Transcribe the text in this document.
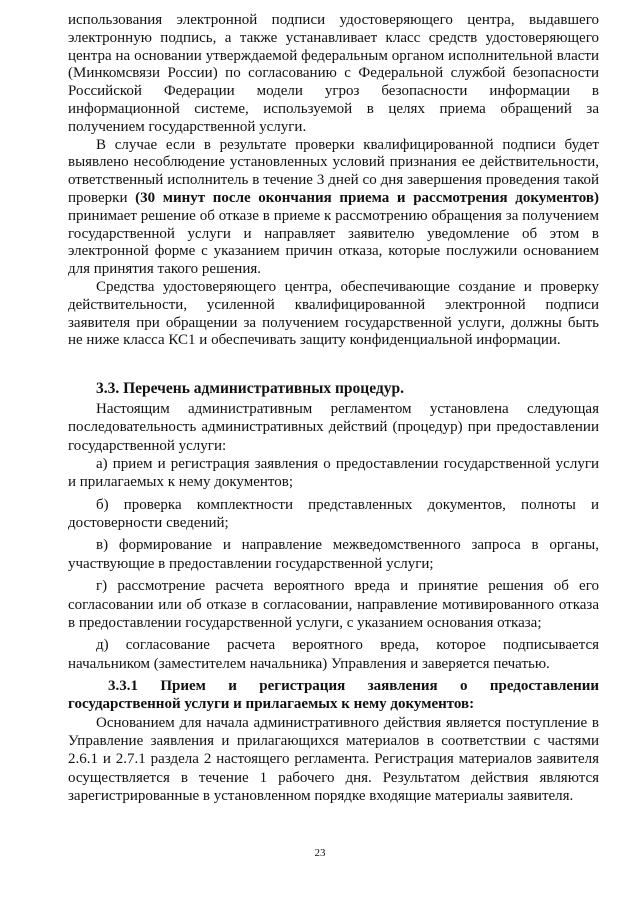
использования электронной подписи удостоверяющего центра, выдавшего электронную подпись, а также устанавливает класс средств удостоверяющего центра на основании утверждаемой федеральным органом исполнительной власти (Минкомсвязи России) по согласованию с Федеральной службой безопасности Российской Федерации модели угроз безопасности информации в информационной системе, используемой в целях приема обращений за получением государственной услуги.

В случае если в результате проверки квалифицированной подписи будет выявлено несоблюдение установленных условий признания ее действительности, ответственный исполнитель в течение 3 дней со дня завершения проведения такой проверки (30 минут после окончания приема и рассмотрения документов) принимает решение об отказе в приеме к рассмотрению обращения за получением государственной услуги и направляет заявителю уведомление об этом в электронной форме с указанием причин отказа, которые послужили основанием для принятия такого решения.

Средства удостоверяющего центра, обеспечивающие создание и проверку действительности, усиленной квалифицированной электронной подписи заявителя при обращении за получением государственной услуги, должны быть не ниже класса КС1 и обеспечивать защиту конфиденциальной информации.

3.3. Перечень административных процедур.

Настоящим административным регламентом установлена следующая последовательность административных действий (процедур) при предоставлении государственной услуги:

а) прием и регистрация заявления о предоставлении государственной услуги и прилагаемых к нему документов;

б) проверка комплектности представленных документов, полноты и достоверности сведений;

в) формирование и направление межведомственного запроса в органы, участвующие в предоставлении государственной услуги;

г) рассмотрение расчета вероятного вреда и принятие решения об его согласовании или об отказе в согласовании, направление мотивированного отказа в предоставлении государственной услуги, с указанием основания отказа;

д) согласование расчета вероятного вреда, которое подписывается начальником (заместителем начальника) Управления и заверяется печатью.

3.3.1 Прием и регистрация заявления о предоставлении государственной услуги и прилагаемых к нему документов:

Основанием для начала административного действия является поступление в Управление заявления и прилагающихся материалов в соответствии с частями 2.6.1 и 2.7.1 раздела 2 настоящего регламента. Регистрация материалов заявителя осуществляется в течение 1 рабочего дня. Результатом действия являются зарегистрированные в установленном порядке входящие материалы заявителя.

23
